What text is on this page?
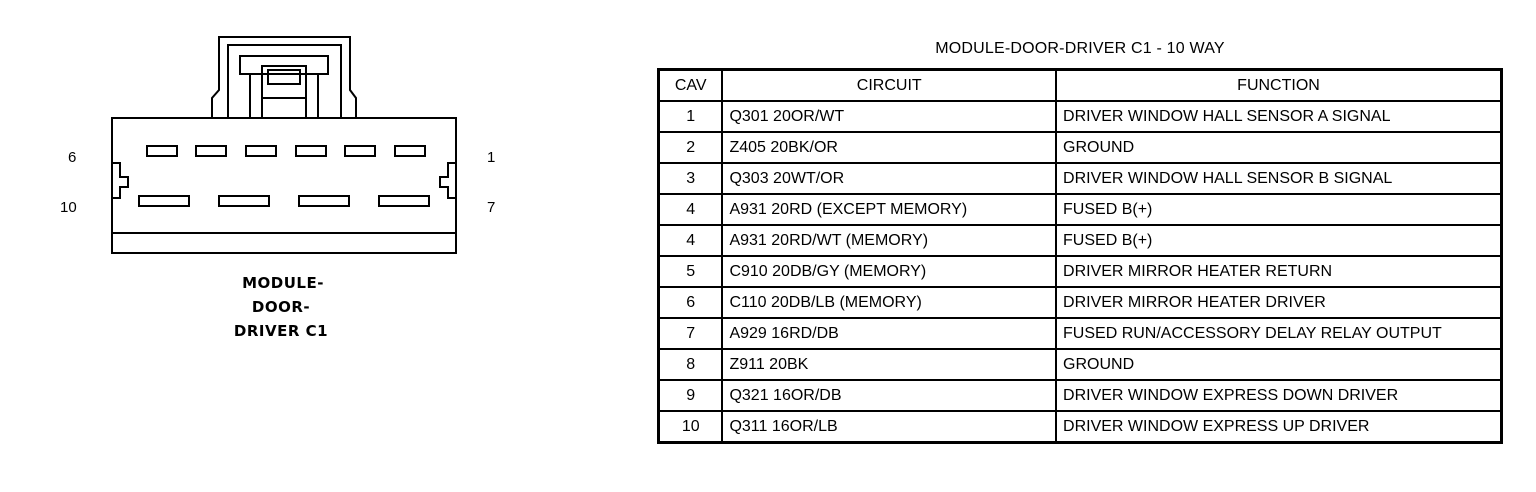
6	1
10	7
MODULE-
DOOR-
DRIVER C1
MODULE-DOOR-DRIVER C1 - 10 WAY
CAV	CIRCUIT	FUNCTION
1	Q301 20OR/WT	DRIVER WINDOW HALL SENSOR A SIGNAL
2	Z405 20BK/OR	GROUND
3	Q303 20WT/OR	DRIVER WINDOW HALL SENSOR B SIGNAL
4	A931 20RD (EXCEPT MEMORY)	FUSED B(+)
4	A931 20RD/WT (MEMORY)	FUSED B(+)
5	C910 20DB/GY (MEMORY)	DRIVER MIRROR HEATER RETURN
6	C110 20DB/LB (MEMORY)	DRIVER MIRROR HEATER DRIVER
7	A929 16RD/DB	FUSED RUN/ACCESSORY DELAY RELAY OUTPUT
8	Z911 20BK	GROUND
9	Q321 16OR/DB	DRIVER WINDOW EXPRESS DOWN DRIVER
10	Q311 16OR/LB	DRIVER WINDOW EXPRESS UP DRIVER
